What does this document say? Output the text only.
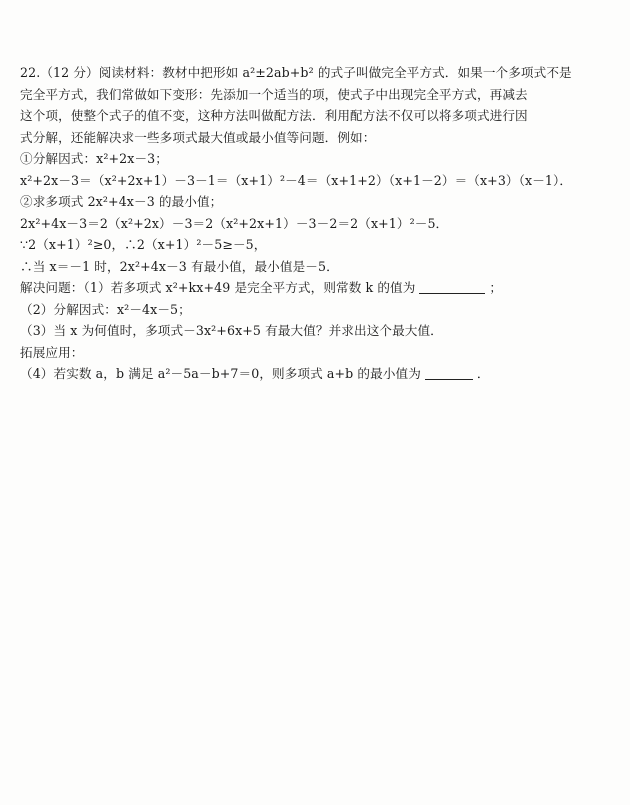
22.（12 分）阅读材料：教材中把形如 a²±2ab+b² 的式子叫做完全平方式．如果一个多项式不是
完全平方式，我们常做如下变形：先添加一个适当的项，使式子中出现完全平方式，再减去
这个项，使整个式子的值不变，这种方法叫做配方法．利用配方法不仅可以将多项式进行因
式分解，还能解决求一些多项式最大值或最小值等问题．例如：
①分解因式：x²+2x－3；
x²+2x－3＝（x²+2x+1）－3－1＝（x+1）²－4＝（x+1+2）（x+1－2）＝（x+3）（x－1）．
②求多项式 2x²+4x－3 的最小值；
2x²+4x－3＝2（x²+2x）－3＝2（x²+2x+1）－3－2＝2（x+1）²－5．
∵2（x+1）²≥0，∴2（x+1）²－5≥－5，
∴当 x＝－1 时，2x²+4x－3 有最小值，最小值是－5．
解决问题：（1）若多项式 x²+kx+49 是完全平方式，则常数 k 的值为	；
（2）分解因式：x²－4x－5；
（3）当 x 为何值时，多项式－3x²+6x+5 有最大值？并求出这个最大值．
拓展应用：
（4）若实数 a，b 满足 a²－5a－b+7＝0，则多项式 a+b 的最小值为	．
